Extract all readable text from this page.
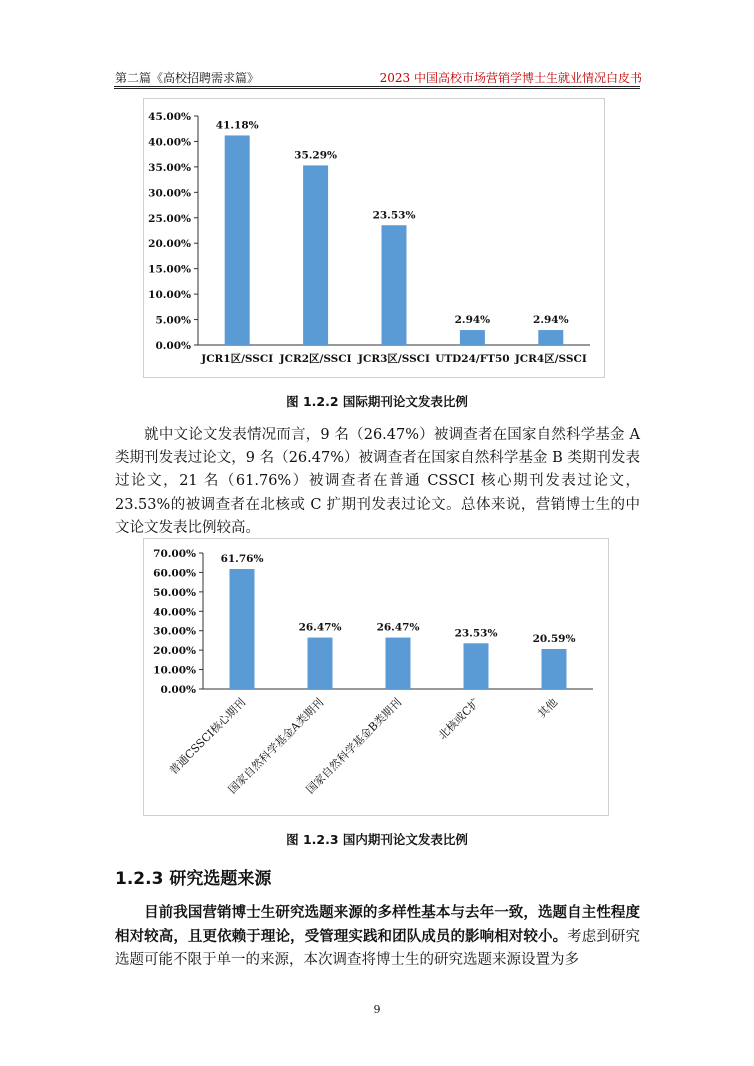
第二篇《高校招聘需求篇》	2023 中国高校市场营销学博士生就业情况白皮书
0.00%
5.00%
10.00%
15.00%
20.00%
25.00%
30.00%
35.00%
40.00%
45.00%
41.18%
JCR1区/SSCI
35.29%
JCR2区/SSCI
23.53%
JCR3区/SSCI
2.94%
UTD24/FT50
2.94%
JCR4区/SSCI
图 1.2.2 国际期刊论文发表比例

就中文论文发表情况而言，9 名（26.47%）被调查者在国家自然科学基金 A 类期刊发表过论文，9 名（26.47%）被调查者在国家自然科学基金 B 类期刊发表过论文，21 名（61.76%）被调查者在普通 CSSCI 核心期刊发表过论文，23.53%的被调查者在北核或 C 扩期刊发表过论文。总体来说，营销博士生的中文论文发表比例较高。

0.00%
10.00%
20.00%
30.00%
40.00%
50.00%
60.00%
70.00% 61.76%
普通CSSCI核心期刊
26.47%
国家自然科学基金A类期刊
26.47%
国家自然科学基金B类期刊
23.53%
北核或C扩
20.59%
其他
图 1.2.3 国内期刊论文发表比例
1.2.3 研究选题来源

目前我国营销博士生研究选题来源的多样性基本与去年一致，选题自主性程度相对较高，且更依赖于理论，受管理实践和团队成员的影响相对较小。考虑到研究选题可能不限于单一的来源，本次调查将博士生的研究选题来源设置为多

9
